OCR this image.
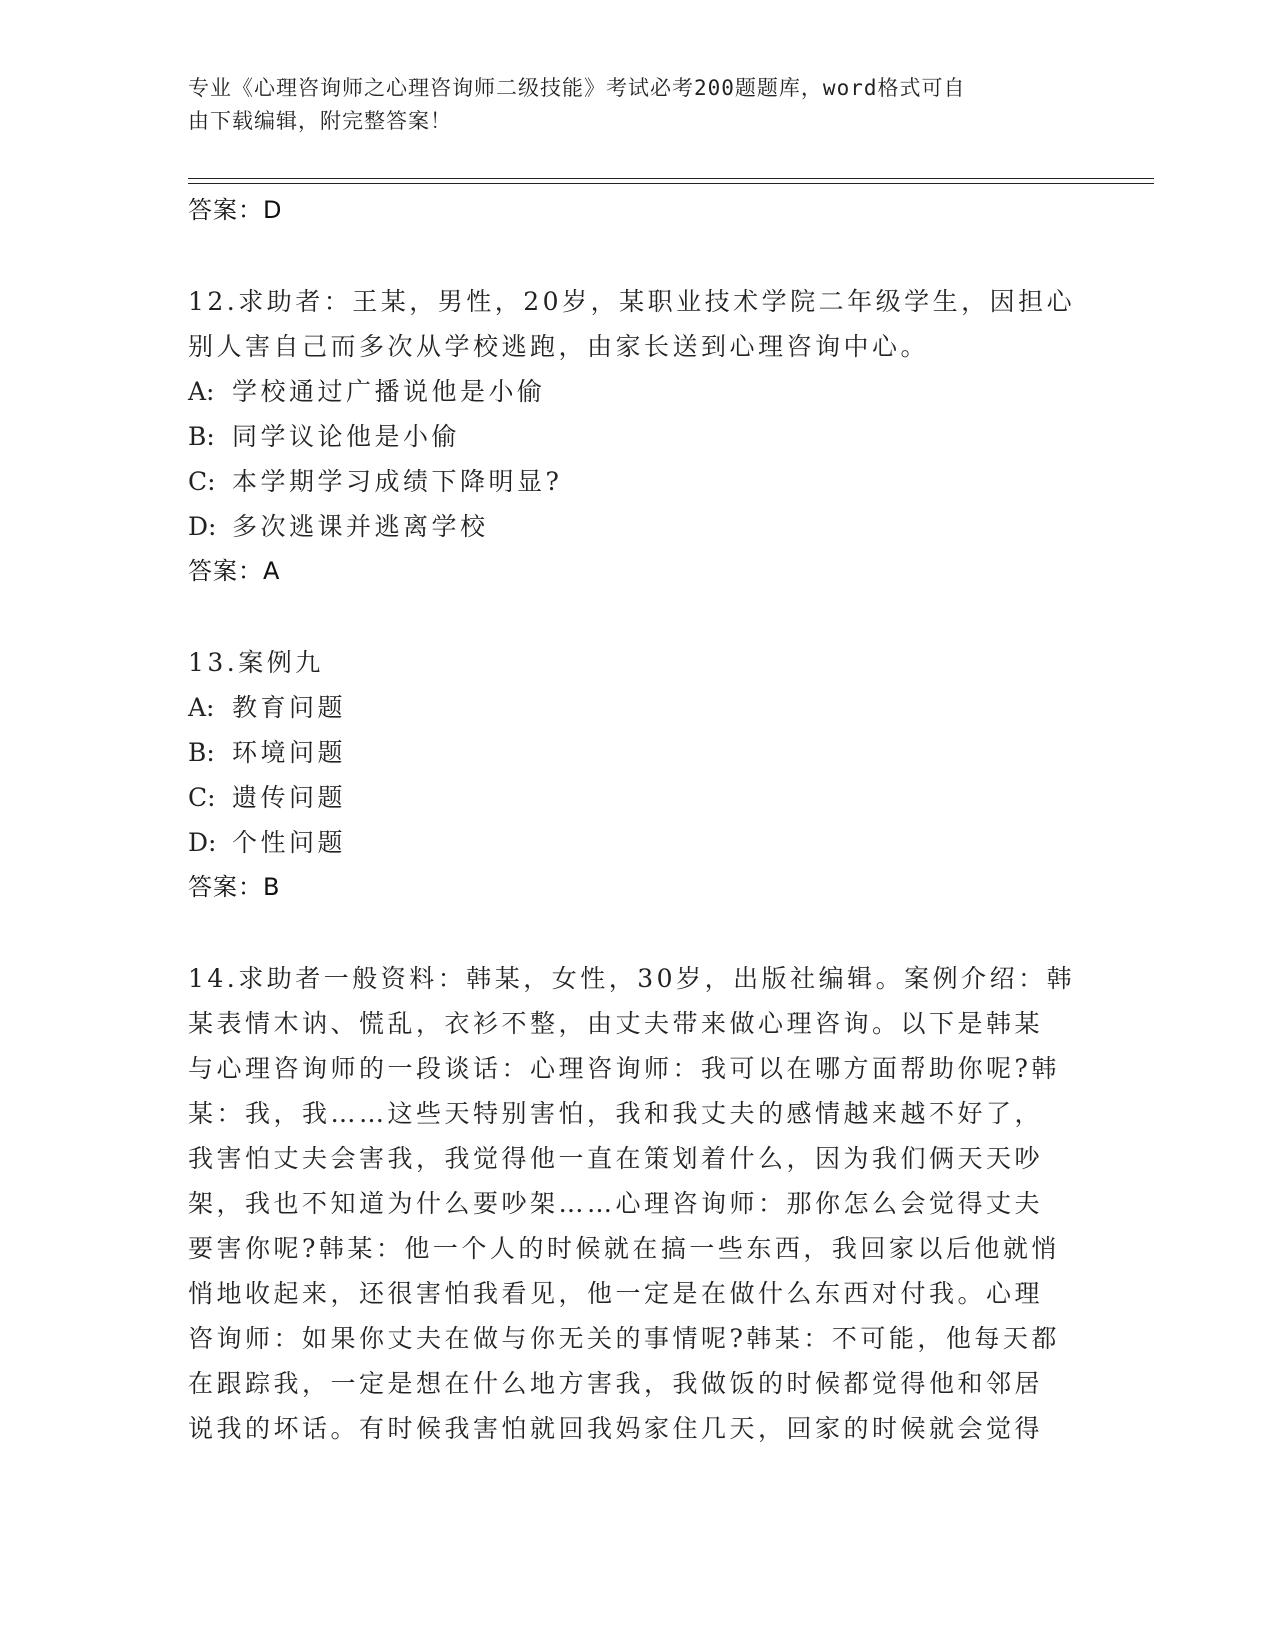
专业《心理咨询师之心理咨询师二级技能》考试必考200题题库，word格式可自
由下载编辑，附完整答案！
答案：D
12.求助者：王某，男性，20岁，某职业技术学院二年级学生，因担心
别人害自己而多次从学校逃跑，由家长送到心理咨询中心。
A: 学校通过广播说他是小偷
B: 同学议论他是小偷
C: 本学期学习成绩下降明显?
D: 多次逃课并逃离学校
答案：A
13.案例九
A: 教育问题
B: 环境问题
C: 遗传问题
D: 个性问题
答案：B
14.求助者一般资料：韩某，女性，30岁，出版社编辑。案例介绍：韩
某表情木讷、慌乱，衣衫不整，由丈夫带来做心理咨询。以下是韩某
与心理咨询师的一段谈话：心理咨询师：我可以在哪方面帮助你呢?韩
某：我，我……这些天特别害怕，我和我丈夫的感情越来越不好了，
我害怕丈夫会害我，我觉得他一直在策划着什么，因为我们俩天天吵
架，我也不知道为什么要吵架……心理咨询师：那你怎么会觉得丈夫
要害你呢?韩某：他一个人的时候就在搞一些东西，我回家以后他就悄
悄地收起来，还很害怕我看见，他一定是在做什么东西对付我。心理
咨询师：如果你丈夫在做与你无关的事情呢?韩某：不可能，他每天都
在跟踪我，一定是想在什么地方害我，我做饭的时候都觉得他和邻居
说我的坏话。有时候我害怕就回我妈家住几天，回家的时候就会觉得
